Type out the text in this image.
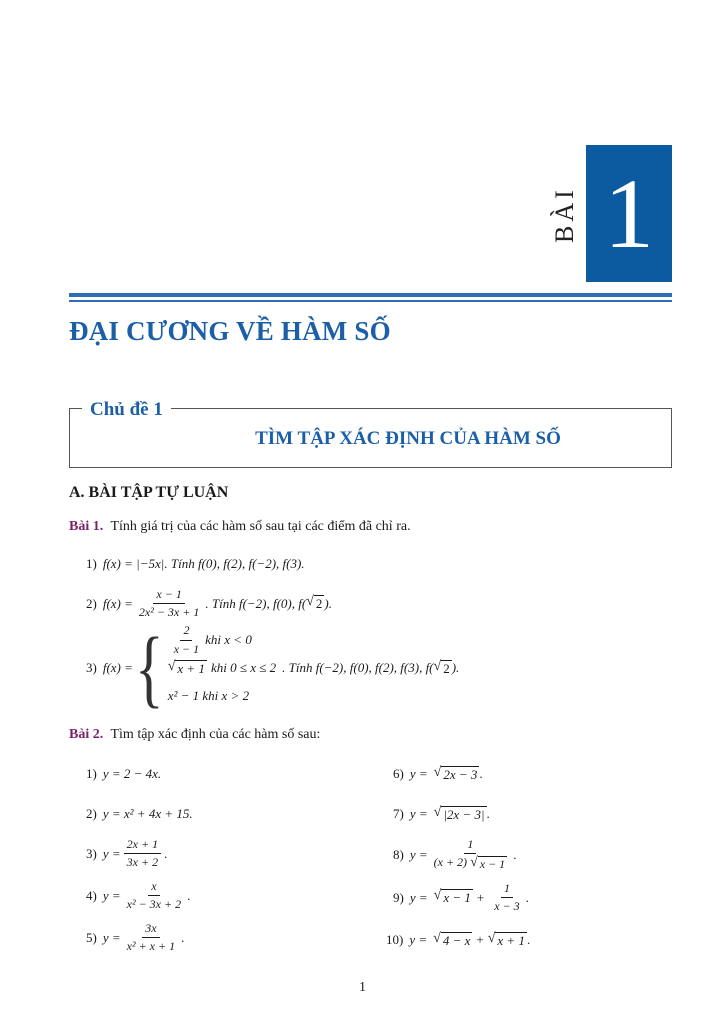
BÀI 1
ĐẠI CƯƠNG VỀ HÀM SỐ
Chủ đề 1
TÌM TẬP XÁC ĐỊNH CỦA HÀM SỐ
A. BÀI TẬP TỰ LUẬN
Bài 1. Tính giá trị của các hàm số sau tại các điểm đã chỉ ra.
1) f(x) = |−5x|. Tính f(0), f(2), f(−2), f(3).
2) $f(x) = \frac{x - 1}{\text{2x² − 3x + 1}}$ . Tính f(−2), f(0), f( √ 2 ).
3) f(x) = { $\frac{2}{x - 1}$ khi x < 0
√ x + 1 khi 0 ≤ x ≤ 2
x² − 1 khi x > 2
. Tính f(−2), f(0), f(2), f(3), f( √ 2 ).
Bài 2. Tìm tập xác định của các hàm số sau:
1) y = 2 − 4x.
2) y = x² + 4x + 15.
3) $y = \frac{2x + 1}{3x + 2}$ .
4) $y = \frac{x}{\text{x² − 3x + 2}}$ .
5) $y = \frac{3x}{\text{x² + x + 1}}$ .
6) y = √ 2x − 3 .
7) y = √ |2x − 3| .
8) $y = \frac{1}{(x + 2) √ x - 1}$ .
9) y = √ $x - 1 + \frac{1}{x - 3}$ .
10) y = √ 4 − x + √ x + 1 .
1
